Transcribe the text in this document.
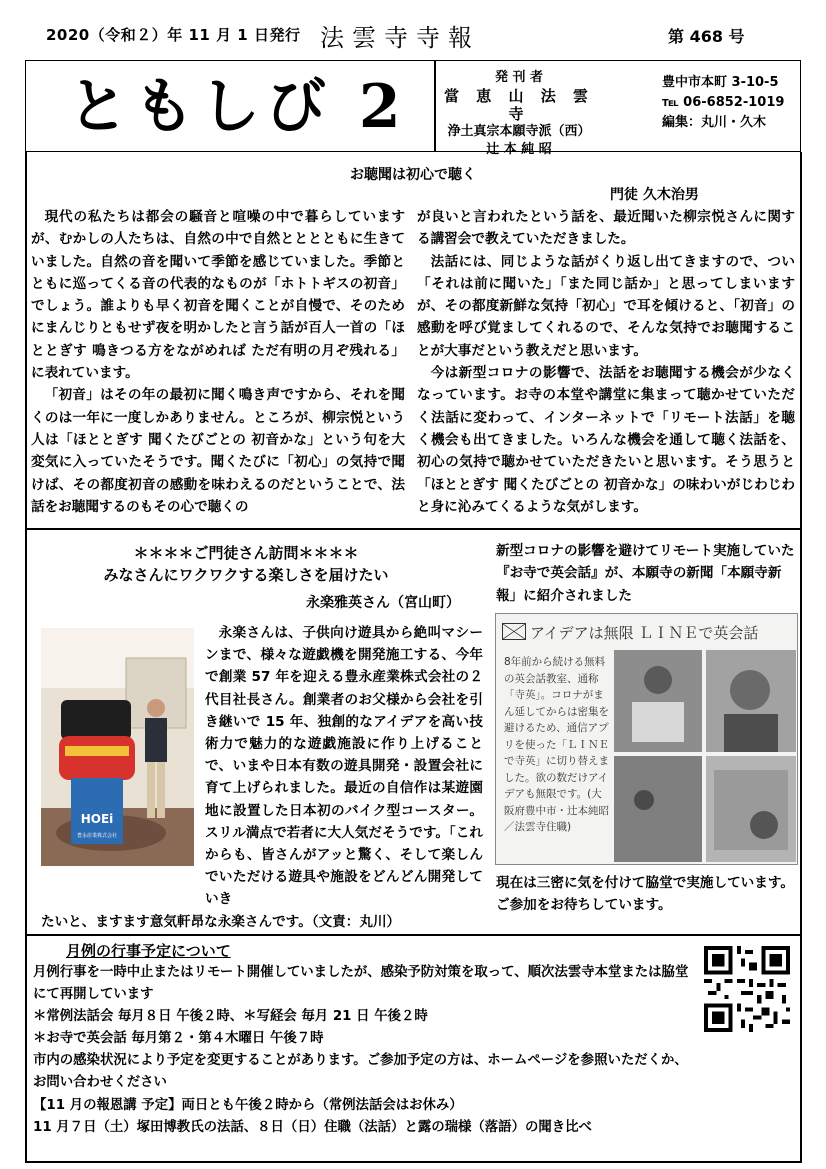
2020（令和２）年 11 月 1 日発行 法雲寺寺報	第 468 号
ともしび 2	発 刊 者
當 恵 山 法 雲 寺
浄土真宗本願寺派（西）
辻 本 純 昭
豊中市本町 3-10-5
℡ 06-6852-1019
編集：丸川・久木
お聴聞は初心で聴く
門徒 久木治男

現代の私たちは都会の騒音と喧噪の中で暮らしていますが、むかしの人たちは、自然の中で自然とととともに生きていました。自然の音を聞いて季節を感じていました。季節とともに巡ってくる音の代表的なものが「ホトトギスの初音」でしょう。誰よりも早く初音を聞くことが自慢で、そのためにまんじりともせず夜を明かしたと言う話が百人一首の「ほととぎす 鳴きつる方をながめれば ただ有明の月ぞ残れる」に表れています。

「初音」はその年の最初に聞く鳴き声ですから、それを聞くのは一年に一度しかありません。ところが、柳宗悦という人は「ほととぎす 聞くたびごとの 初音かな」という句を大変気に入っていたそうです。聞くたびに「初心」の気持で聞けば、その都度初音の感動を味わえるのだということで、法話をお聴聞するのもその心で聴くの

が良いと言われたという話を、最近聞いた柳宗悦さんに関する講習会で教えていただきました。

法話には、同じような話がくり返し出てきますので、つい「それは前に聞いた」「また同じ話か」と思ってしまいますが、その都度新鮮な気持「初心」で耳を傾けると、「初音」の感動を呼び覚ましてくれるので、そんな気持でお聴聞することが大事だという教えだと思います。

今は新型コロナの影響で、法話をお聴聞する機会が少なくなっています。お寺の本堂や講堂に集まって聴かせていただく法話に変わって、インターネットで「リモート法話」を聴く機会も出てきました。いろんな機会を通して聴く法話を、初心の気持で聴かせていただきたいと思います。そう思うと「ほととぎす 聞くたびごとの 初音かな」の味わいがじわじわと身に沁みてくるような気がします。

＊＊＊＊ご門徒さん訪問＊＊＊＊
みなさんにワクワクする楽しさを届けたい
永楽雅英さん（宮山町）
HOEi
豊永産業株式会社

永楽さんは、子供向け遊具から絶叫マシーンまで、様々な遊戯機を開発施工する、今年で創業 57 年を迎える豊永産業株式会社の２代目社長さん。創業者のお父様から会社を引き継いで 15 年、独創的なアイデアを高い技術力で魅力的な遊戯施設に作り上げることで、いまや日本有数の遊具開発・設置会社に育て上げられました。最近の自信作は某遊園地に設置した日本初のバイク型コースター。スリル満点で若者に大人気だそうです。「これからも、皆さんがアッと驚く、そして楽しんでいただける遊具や施設をどんどん開発していき

たいと、ますます意気軒昂な永楽さんです。（文責：丸川）
新型コロナの影響を避けてリモート実施していた『お寺で英会話』が、本願寺の新聞「本願寺新報」に紹介されました
アイデアは無限 ＬＩＮＥで英会話
8年前から続ける無料の英会話教室、通称「寺英」。コロナがまん延してからは密集を避けるため、通信アプリを使った「ＬＩＮＥで寺英」に切り替えました。欲の数だけアイデアも無限です。(大阪府豊中市・辻本純昭／法雲寺住職)
現在は三密に気を付けて脇堂で実施しています。ご参加をお待ちしています。
月例の行事予定について
月例行事を一時中止またはリモート開催していましたが、感染予防対策を取って、順次法雲寺本堂または脇堂にて再開しています
＊常例法話会 毎月８日 午後２時、＊写経会 毎月 21 日 午後２時
＊お寺で英会話 毎月第２・第４木曜日 午後７時
市内の感染状況により予定を変更することがあります。ご参加予定の方は、ホームページを参照いただくか、お問い合わせください
【11 月の報恩講 予定】両日とも午後２時から（常例法話会はお休み）
11 月７日（土）塚田博教氏の法話、８日（日）住職（法話）と露の瑞様（落語）の聞き比べ
